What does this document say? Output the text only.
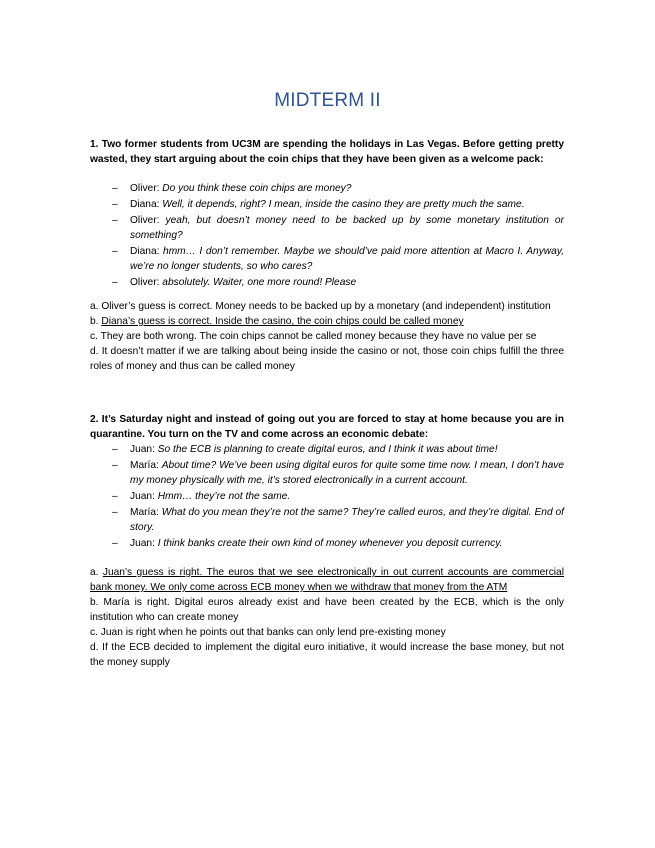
MIDTERM II

1. Two former students from UC3M are spending the holidays in Las Vegas. Before getting pretty wasted, they start arguing about the coin chips that they have been given as a welcome pack:

– Oliver: Do you think these coin chips are money?
– Diana: Well, it depends, right? I mean, inside the casino they are pretty much the same.
– Oliver: yeah, but doesn’t money need to be backed up by some monetary institution or something?
– Diana: hmm… I don’t remember. Maybe we should’ve paid more attention at Macro I. Anyway, we’re no longer students, so who cares?
– Oliver: absolutely. Waiter, one more round! Please

a. Oliver’s guess is correct. Money needs to be backed up by a monetary (and independent) institution

b. Diana’s guess is correct. Inside the casino, the coin chips could be called money

c. They are both wrong. The coin chips cannot be called money because they have no value per se

d. It doesn’t matter if we are talking about being inside the casino or not, those coin chips fulfill the three roles of money and thus can be called money

2. It’s Saturday night and instead of going out you are forced to stay at home because you are in quarantine. You turn on the TV and come across an economic debate:

– Juan: So the ECB is planning to create digital euros, and I think it was about time!
– María: About time? We’ve been using digital euros for quite some time now. I mean, I don’t have my money physically with me, it’s stored electronically in a current account.
– Juan: Hmm… they’re not the same.
– María: What do you mean they’re not the same? They’re called euros, and they’re digital. End of story.
– Juan: I think banks create their own kind of money whenever you deposit currency.

a. Juan’s guess is right. The euros that we see electronically in out current accounts are commercial bank money. We only come across ECB money when we withdraw that money from the ATM

b. María is right. Digital euros already exist and have been created by the ECB, which is the only institution who can create money

c. Juan is right when he points out that banks can only lend pre-existing money

d. If the ECB decided to implement the digital euro initiative, it would increase the base money, but not the money supply
